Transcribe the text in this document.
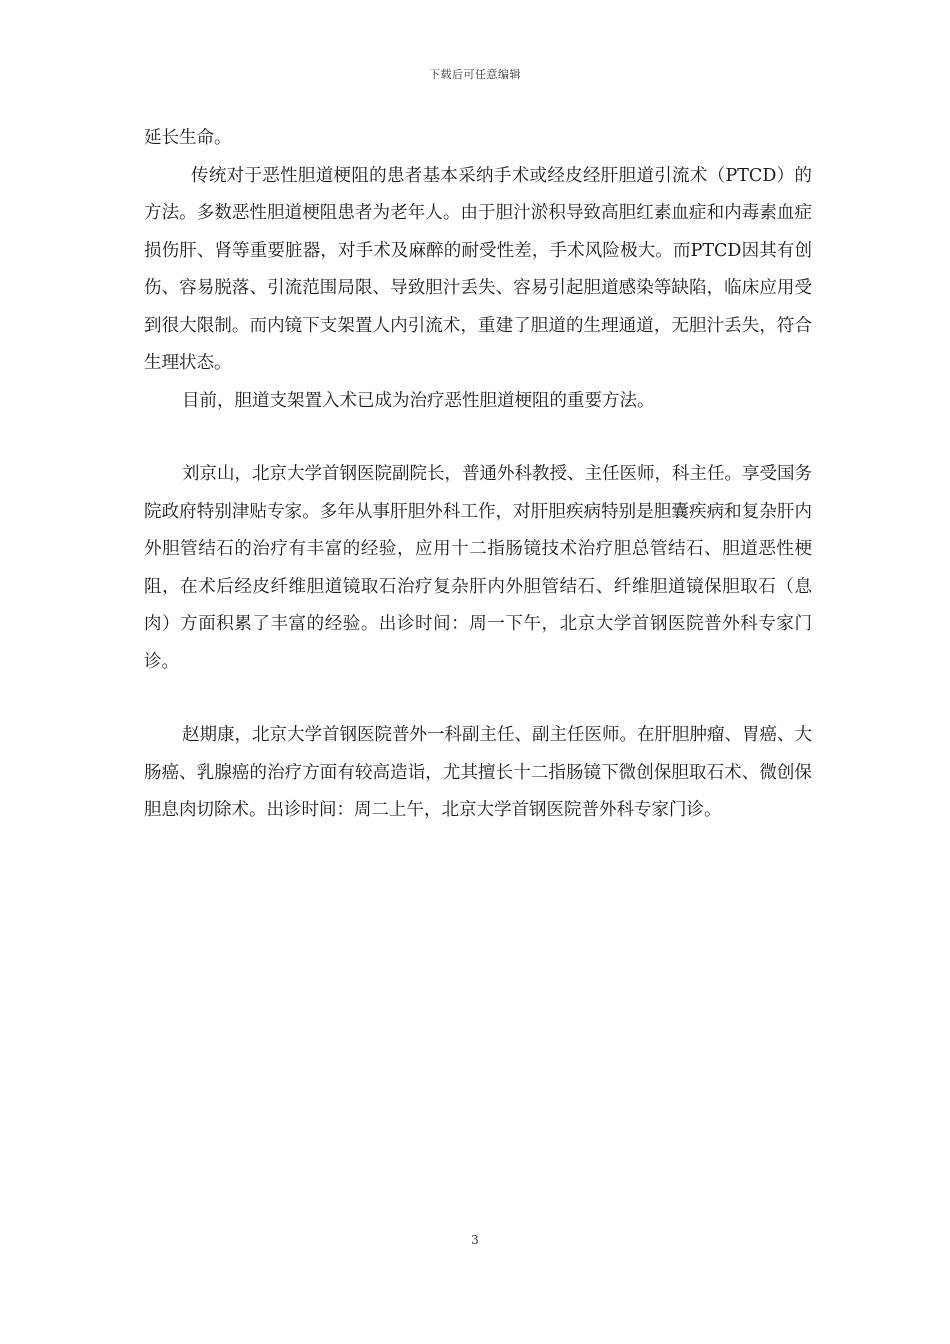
下载后可任意编辑

延长生命。

传统对于恶性胆道梗阻的患者基本采纳手术或经皮经肝胆道引流术（PTCD）的方法。多数恶性胆道梗阻患者为老年人。由于胆汁淤积导致高胆红素血症和内毒素血症损伤肝、肾等重要脏器，对手术及麻醉的耐受性差，手术风险极大。而PTCD因其有创伤、容易脱落、引流范围局限、导致胆汁丢失、容易引起胆道感染等缺陷，临床应用受到很大限制。而内镜下支架置人内引流术，重建了胆道的生理通道，无胆汁丢失，符合生理状态。

目前，胆道支架置入术已成为治疗恶性胆道梗阻的重要方法。

刘京山，北京大学首钢医院副院长，普通外科教授、主任医师，科主任。享受国务院政府特别津贴专家。多年从事肝胆外科工作，对肝胆疾病特别是胆囊疾病和复杂肝内外胆管结石的治疗有丰富的经验，应用十二指肠镜技术治疗胆总管结石、胆道恶性梗阻，在术后经皮纤维胆道镜取石治疗复杂肝内外胆管结石、纤维胆道镜保胆取石（息肉）方面积累了丰富的经验。出诊时间：周一下午，北京大学首钢医院普外科专家门诊。

赵期康，北京大学首钢医院普外一科副主任、副主任医师。在肝胆肿瘤、胃癌、大肠癌、乳腺癌的治疗方面有较高造诣，尤其擅长十二指肠镜下微创保胆取石术、微创保胆息肉切除术。出诊时间：周二上午，北京大学首钢医院普外科专家门诊。

3
